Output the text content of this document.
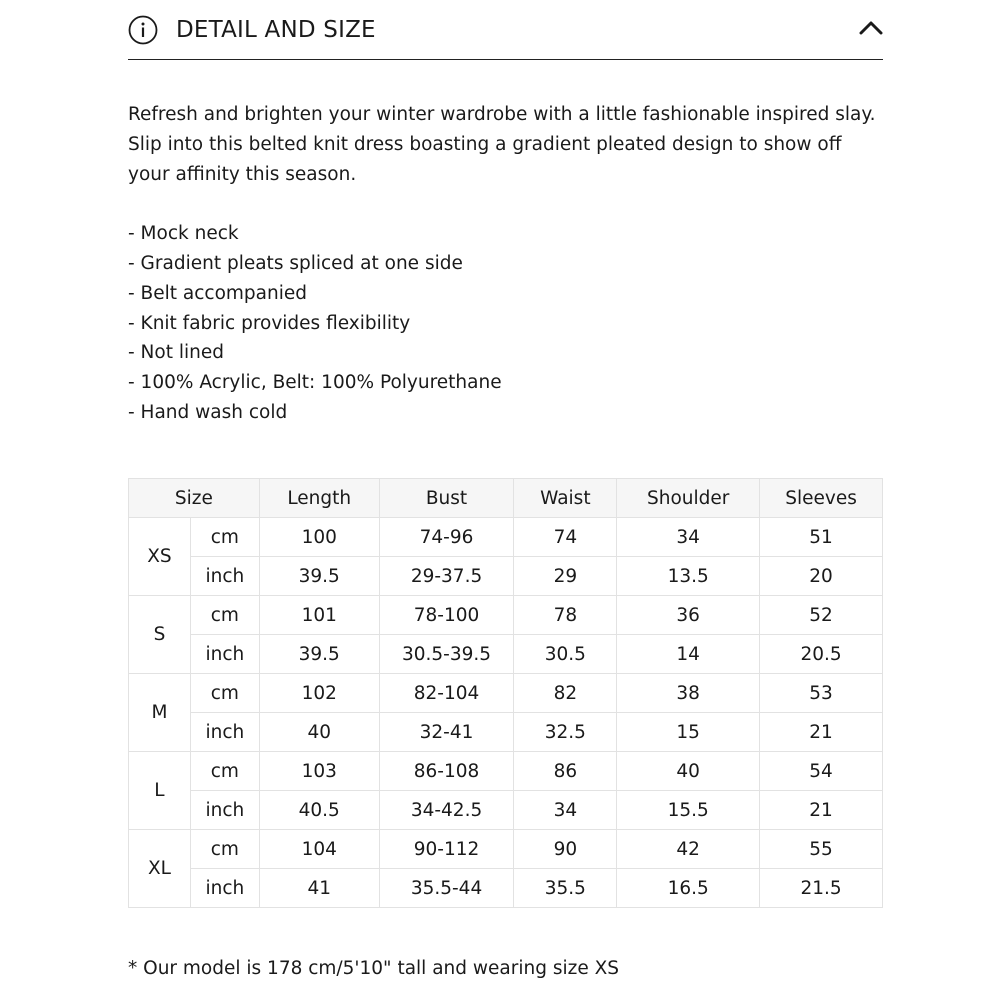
DETAIL AND SIZE

Refresh and brighten your winter wardrobe with a little fashionable inspired slay. Slip into this belted knit dress boasting a gradient pleated design to show off your affinity this season.

- Mock neck
- Gradient pleats spliced at one side
- Belt accompanied
- Knit fabric provides flexibility
- Not lined
- 100% Acrylic, Belt: 100% Polyurethane
- Hand wash cold
Size		Length	Bust	Waist	Shoulder	Sleeves
XS	cm	100	74-96	74	34	51
	inch	39.5	29-37.5	29	13.5	20
S	cm	101	78-100	78	36	52
	inch	39.5	30.5-39.5	30.5	14	20.5
M	cm	102	82-104	82	38	53
	inch	40	32-41	32.5	15	21
L	cm	103	86-108	86	40	54
	inch	40.5	34-42.5	34	15.5	21
XL	cm	104	90-112	90	42	55
	inch	41	35.5-44	35.5	16.5	21.5
* Our model is 178 cm/5'10" tall and wearing size XS
